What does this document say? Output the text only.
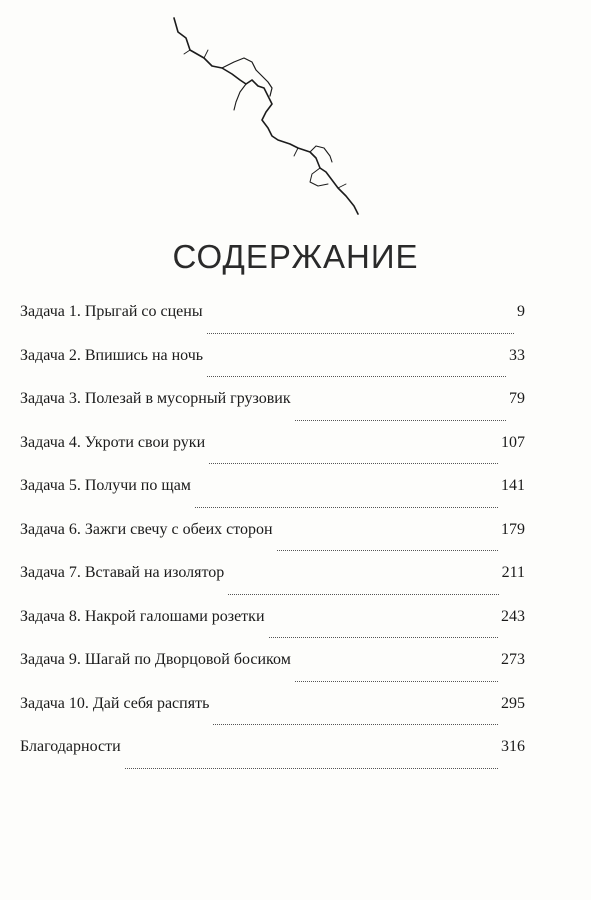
СОДЕРЖАНИЕ
Задача 1. Прыгай со сцены	9
Задача 2. Впишись на ночь	33
Задача 3. Полезай в мусорный грузовик	79
Задача 4. Укроти свои руки	107
Задача 5. Получи по щам	141
Задача 6. Зажги свечу с обеих сторон	179
Задача 7. Вставай на изолятор	211
Задача 8. Накрой галошами розетки	243
Задача 9. Шагай по Дворцовой босиком	273
Задача 10. Дай себя распять	295
Благодарности	316
